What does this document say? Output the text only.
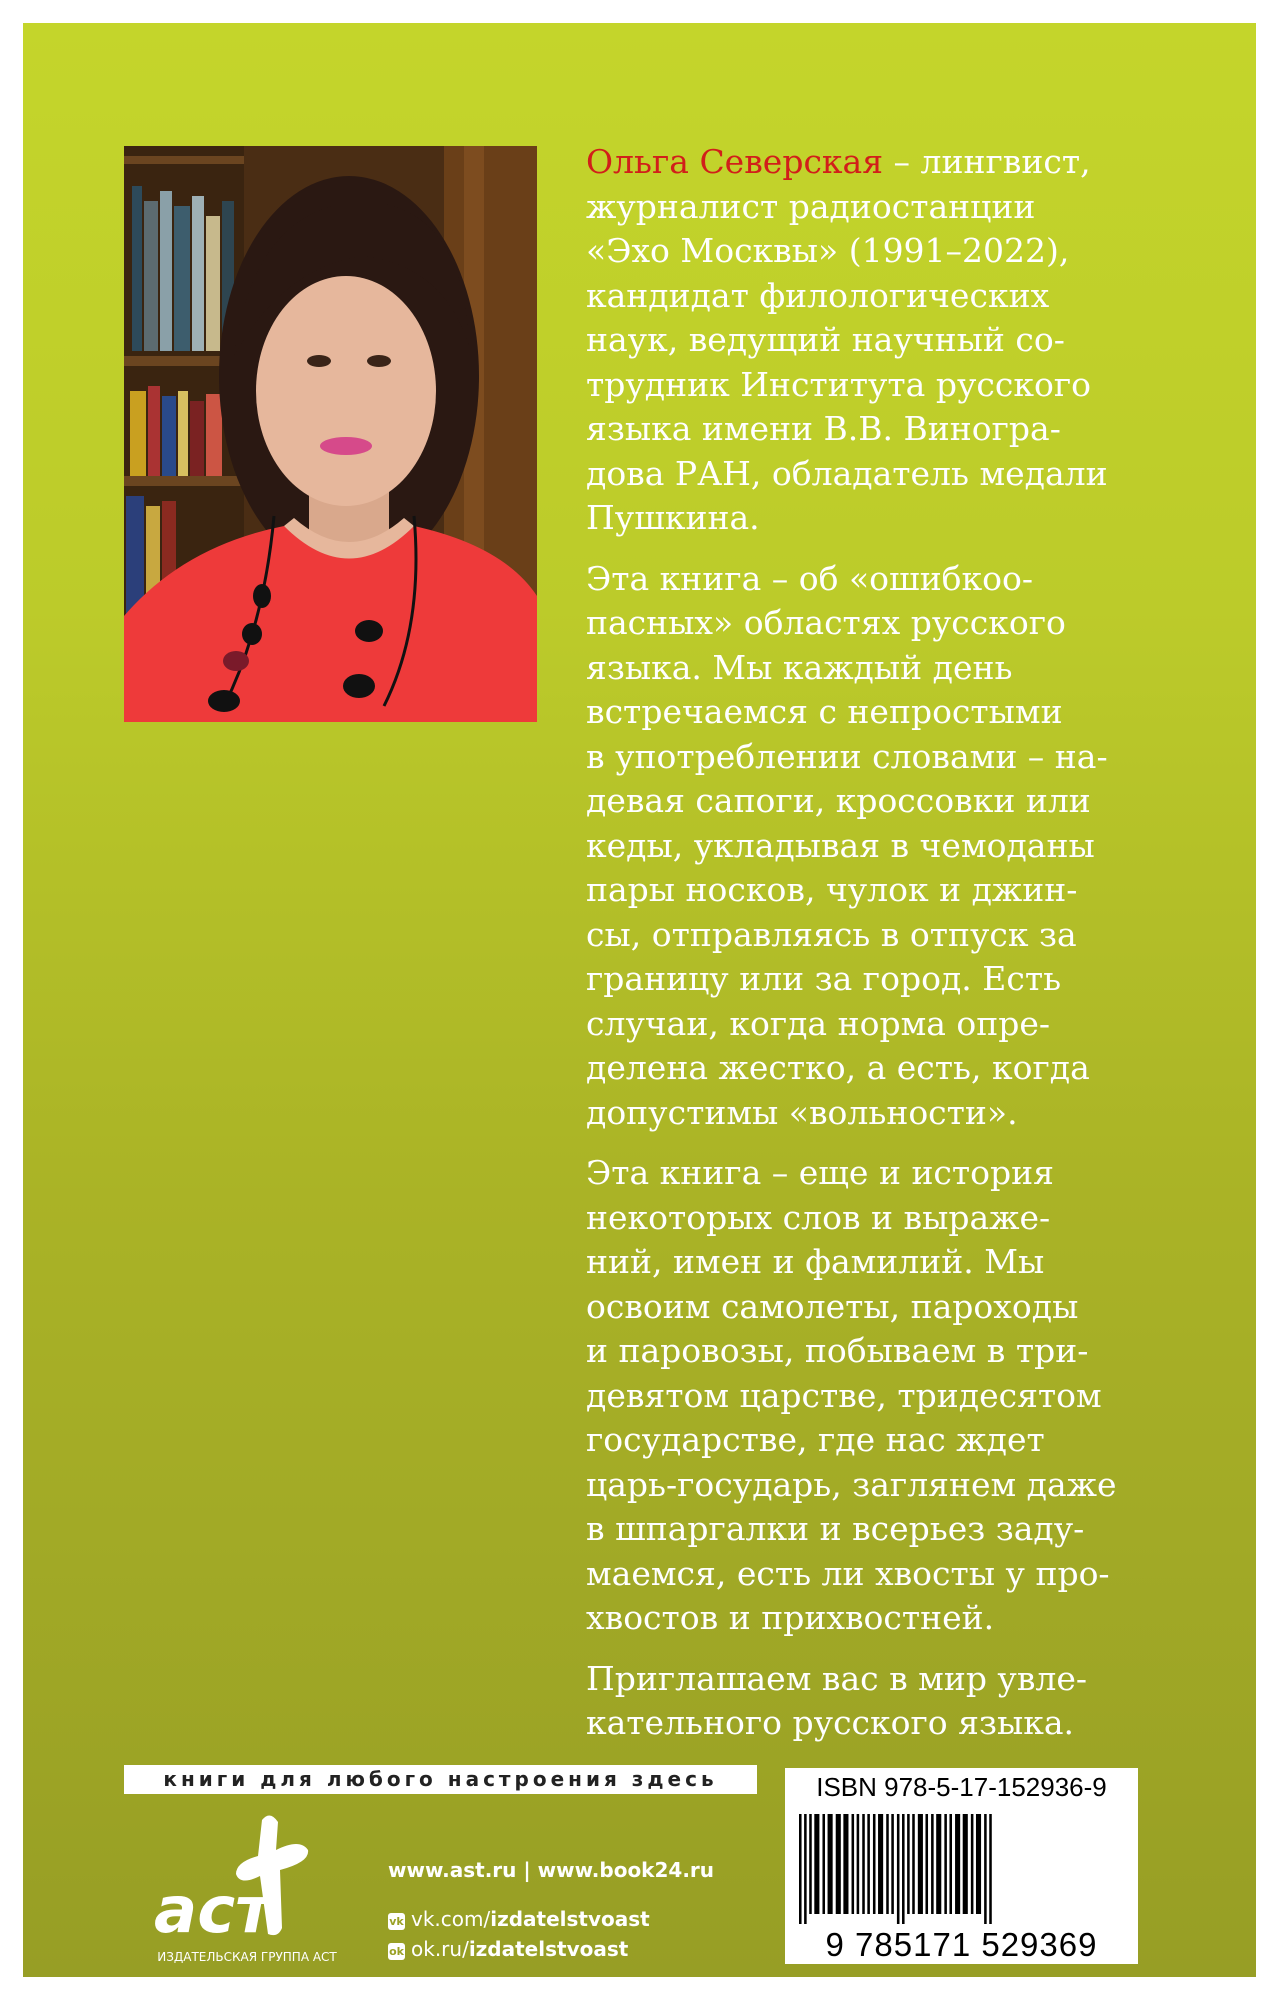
Ольга Северская – лингвист,
журналист радиостанции
«Эхо Москвы» (1991–2022),
кандидат филологических
наук, ведущий научный со-
трудник Института русского
языка имени В.В. Виногра-
дова РАН, обладатель медали
Пушкина.

Эта книга – об «ошибкоо-
пасных» областях русского
языка. Мы каждый день
встречаемся с непростыми
в употреблении словами – на-
девая сапоги, кроссовки или
кеды, укладывая в чемоданы
пары носков, чулок и джин-
сы, отправляясь в отпуск за
границу или за город. Есть
случаи, когда норма опре-
делена жестко, а есть, когда
допустимы «вольности».

Эта книга – еще и история
некоторых слов и выраже-
ний, имен и фамилий. Мы
освоим самолеты, пароходы
и паровозы, побываем в три-
девятом царстве, тридесятом
государстве, где нас ждет
царь-государь, заглянем даже
в шпаргалки и всерьез заду-
маемся, есть ли хвосты у про-
хвостов и прихвостней.

Приглашаем вас в мир увле-
кательного русского языка.

книги для любого настроения здесь
аст
ИЗДАТЕЛЬСКАЯ ГРУППА АСТ
www.ast.ru | www.book24.ru
vk vk.com/izdatelstvoast
ok ok.ru/izdatelstvoast
ISBN 978-5-17-152936-9
9 785171 529369
